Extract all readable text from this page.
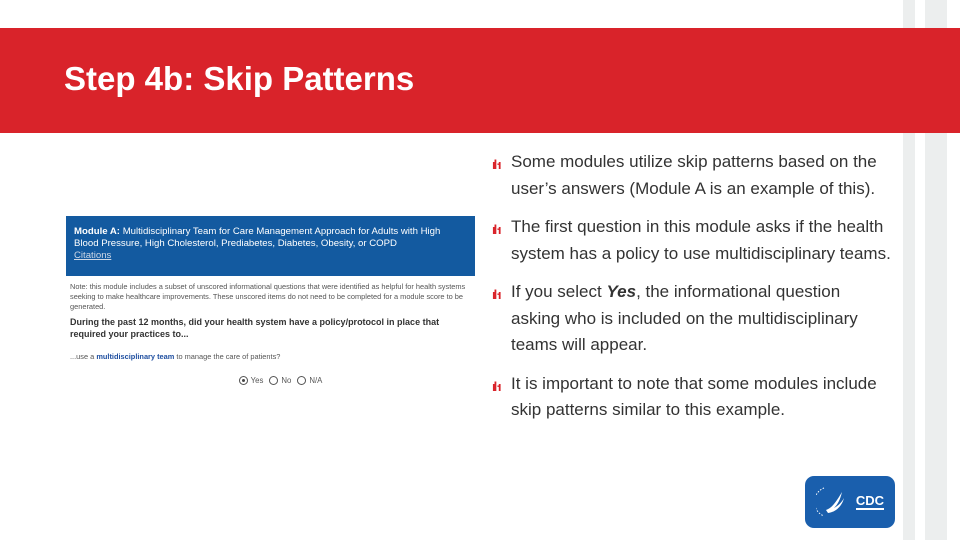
Step 4b: Skip Patterns
Module A: Multidisciplinary Team for Care Management Approach for Adults with High Blood Pressure, High Cholesterol, Prediabetes, Diabetes, Obesity, or COPD
Citations
Note: this module includes a subset of unscored informational questions that were identified as helpful for health systems seeking to make healthcare improvements. These unscored items do not need to be completed for a module score to be generated.
During the past 12 months, did your health system have a policy/protocol in place that required your practices to...
...use a multidisciplinary team to manage the care of patients?
Yes No N/A
ıŀı Some modules utilize skip patterns based on the user’s answers (Module A is an example of this).
ıŀı The first question in this module asks if the health system has a policy to use multidisciplinary teams.
ıŀı If you select Yes, the informational question asking who is included on the multidisciplinary teams will appear.
ıŀı It is important to note that some modules include skip patterns similar to this example.
CDC
